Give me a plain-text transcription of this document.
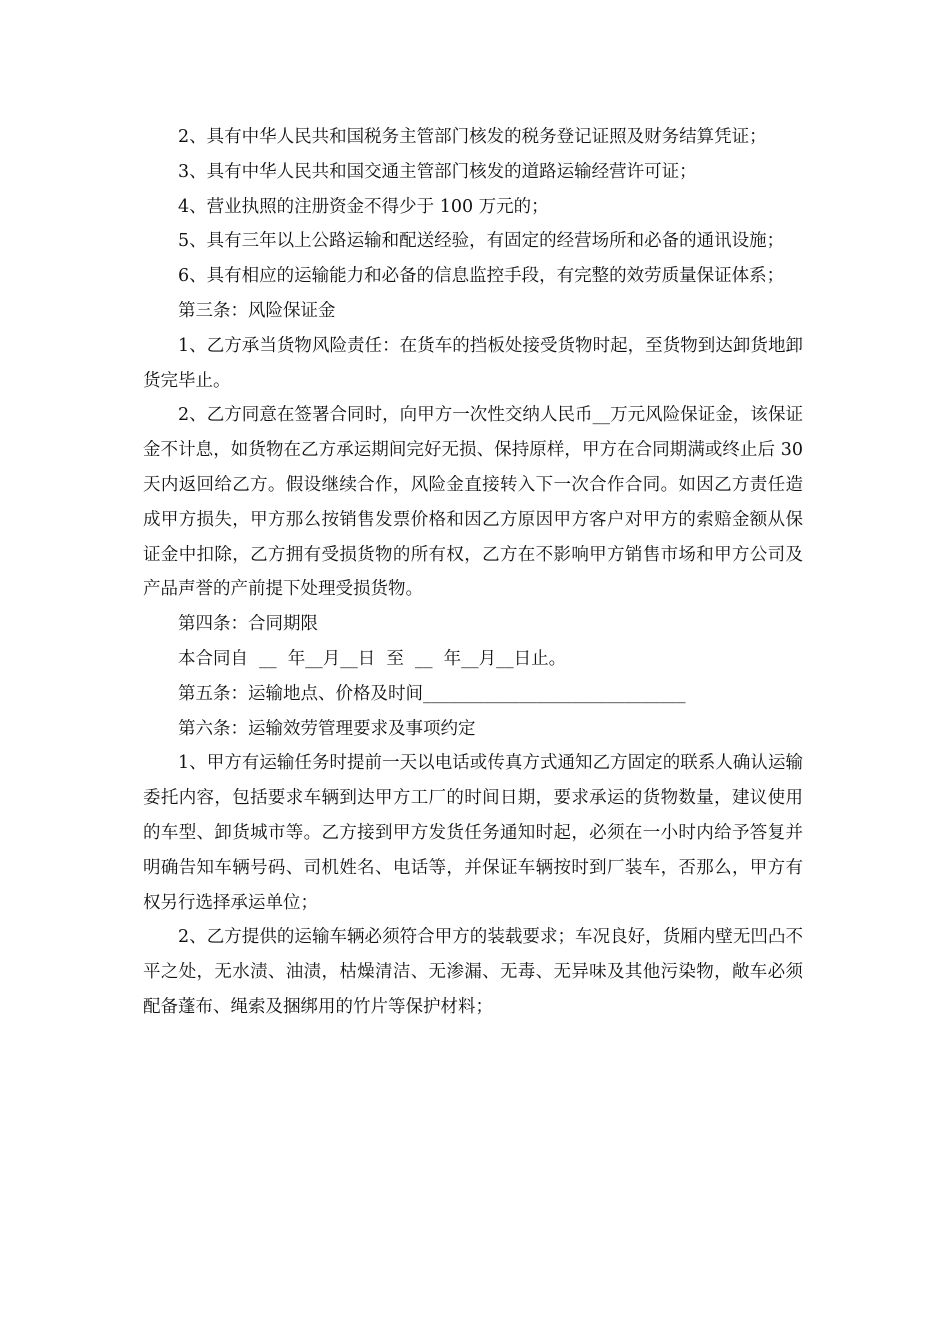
2、具有中华人民共和国税务主管部门核发的税务登记证照及财务结算凭证；

3、具有中华人民共和国交通主管部门核发的道路运输经营许可证；

4、营业执照的注册资金不得少于 100 万元的；

5、具有三年以上公路运输和配送经验，有固定的经营场所和必备的通讯设施；

6、具有相应的运输能力和必备的信息监控手段，有完整的效劳质量保证体系；

第三条：风险保证金

1、乙方承当货物风险责任：在货车的挡板处接受货物时起，至货物到达卸货地卸货完毕止。

2、乙方同意在签署合同时，向甲方一次性交纳人民币__万元风险保证金，该保证金不计息，如货物在乙方承运期间完好无损、保持原样，甲方在合同期满或终止后 30 天内返回给乙方。假设继续合作，风险金直接转入下一次合作合同。如因乙方责任造成甲方损失，甲方那么按销售发票价格和因乙方原因甲方客户对甲方的索赔金额从保证金中扣除，乙方拥有受损货物的所有权，乙方在不影响甲方销售市场和甲方公司及产品声誉的产前提下处理受损货物。

第四条：合同期限

本合同自  __  年__月__日  至  __  年__月__日止。

第五条：运输地点、价格及时间______________________________

第六条：运输效劳管理要求及事项约定

1、甲方有运输任务时提前一天以电话或传真方式通知乙方固定的联系人确认运输委托内容，包括要求车辆到达甲方工厂的时间日期，要求承运的货物数量，建议使用的车型、卸货城市等。乙方接到甲方发货任务通知时起，必须在一小时内给予答复并明确告知车辆号码、司机姓名、电话等，并保证车辆按时到厂装车，否那么，甲方有权另行选择承运单位；

2、乙方提供的运输车辆必须符合甲方的装载要求；车况良好，货厢内壁无凹凸不平之处，无水渍、油渍，枯燥清洁、无渗漏、无毒、无异味及其他污染物，敞车必须配备蓬布、绳索及捆绑用的竹片等保护材料；
